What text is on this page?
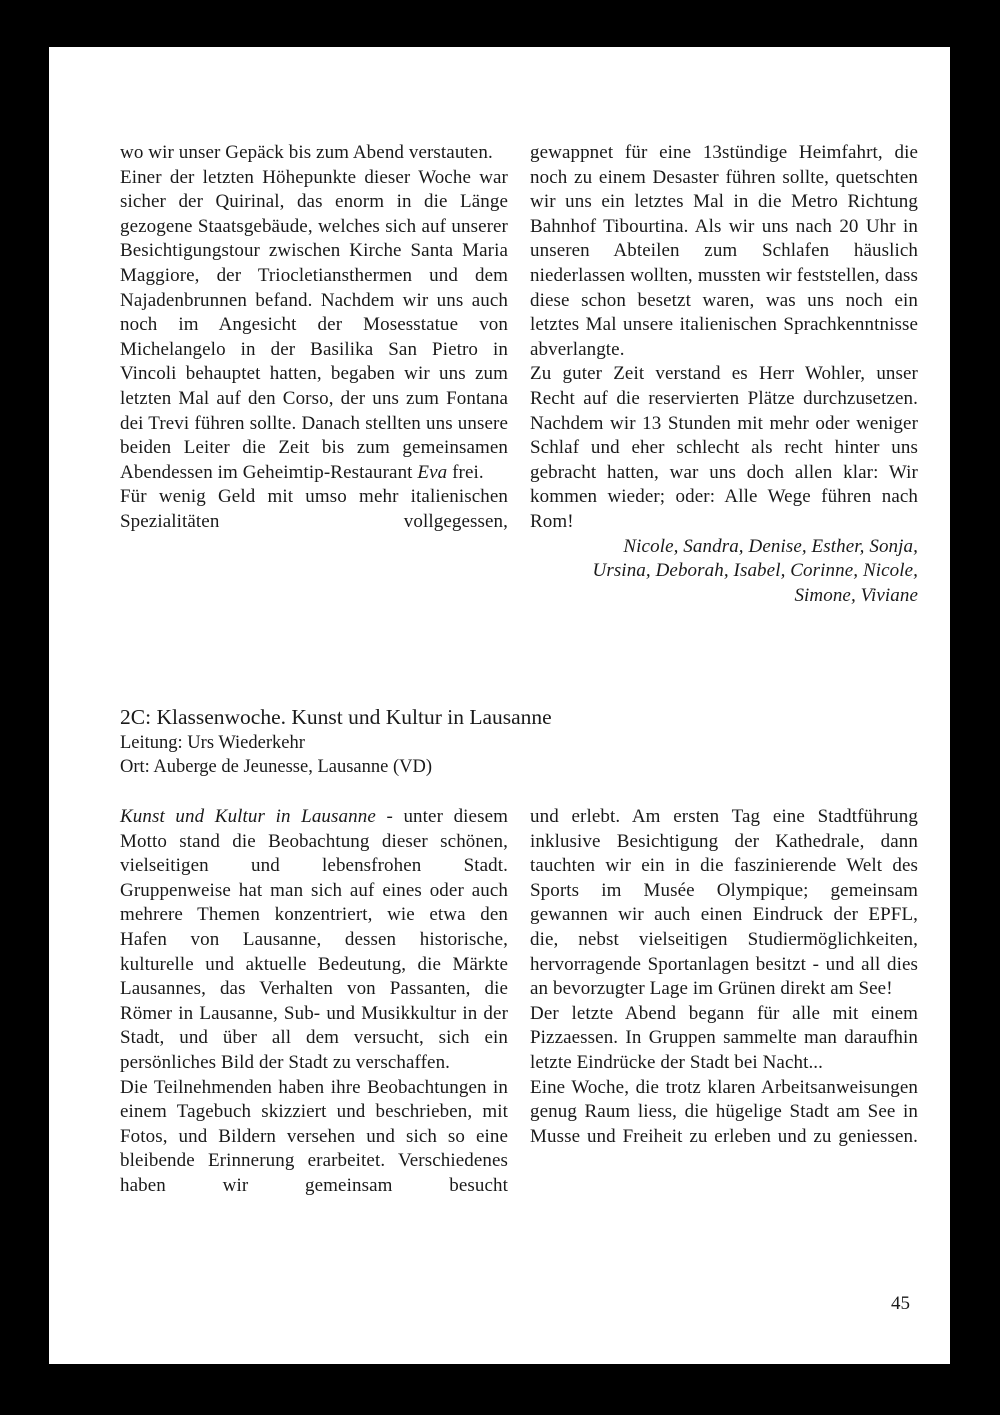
wo wir unser Gepäck bis zum Abend verstauten.

Einer der letzten Höhepunkte dieser Woche war sicher der Quirinal, das enorm in die Länge gezogene Staatsgebäude, welches sich auf unserer Besichtigungstour zwischen Kirche Santa Maria Maggiore, der Triocletiansthermen und dem Najadenbrunnen befand. Nachdem wir uns auch noch im Angesicht der Mosesstatue von Michelangelo in der Basilika San Pietro in Vincoli behauptet hatten, begaben wir uns zum letzten Mal auf den Corso, der uns zum Fontana dei Trevi führen sollte. Danach stellten uns unsere beiden Leiter die Zeit bis zum gemeinsamen Abendessen im Geheimtip-Restaurant Eva frei.

Für wenig Geld mit umso mehr italienischen Spezialitäten vollgegessen,

gewappnet für eine 13stündige Heimfahrt, die noch zu einem Desaster führen sollte, quetschten wir uns ein letztes Mal in die Metro Richtung Bahnhof Tibourtina. Als wir uns nach 20 Uhr in unseren Abteilen zum Schlafen häuslich niederlassen wollten, mussten wir feststellen, dass diese schon besetzt waren, was uns noch ein letztes Mal unsere italienischen Sprachkenntnisse abverlangte.

Zu guter Zeit verstand es Herr Wohler, unser Recht auf die reservierten Plätze durchzusetzen. Nachdem wir 13 Stunden mit mehr oder weniger Schlaf und eher schlecht als recht hinter uns gebracht hatten, war uns doch allen klar: Wir kommen wieder; oder: Alle Wege führen nach Rom!

Nicole, Sandra, Denise, Esther, Sonja,
Ursina, Deborah, Isabel, Corinne, Nicole,
Simone, Viviane

2C: Klassenwoche. Kunst und Kultur in Lausanne

Leitung: Urs Wiederkehr

Ort: Auberge de Jeunesse, Lausanne (VD)

Kunst und Kultur in Lausanne - unter diesem Motto stand die Beobachtung dieser schönen, vielseitigen und lebensfrohen Stadt. Gruppenweise hat man sich auf eines oder auch mehrere Themen konzentriert, wie etwa den Hafen von Lausanne, dessen historische, kulturelle und aktuelle Bedeutung, die Märkte Lausannes, das Verhalten von Passanten, die Römer in Lausanne, Sub- und Musikkultur in der Stadt, und über all dem versucht, sich ein persönliches Bild der Stadt zu verschaffen.

Die Teilnehmenden haben ihre Beobachtungen in einem Tagebuch skizziert und beschrieben, mit Fotos, und Bildern versehen und sich so eine bleibende Erinnerung erarbeitet. Verschiedenes haben wir gemeinsam besucht

und erlebt. Am ersten Tag eine Stadtführung inklusive Besichtigung der Kathedrale, dann tauchten wir ein in die faszinierende Welt des Sports im Musée Olympique; gemeinsam gewannen wir auch einen Eindruck der EPFL, die, nebst vielseitigen Studiermöglichkeiten, hervorragende Sportanlagen besitzt - und all dies an bevorzugter Lage im Grünen direkt am See!

Der letzte Abend begann für alle mit einem Pizzaessen. In Gruppen sammelte man daraufhin letzte Eindrücke der Stadt bei Nacht...

Eine Woche, die trotz klaren Arbeitsanweisungen genug Raum liess, die hügelige Stadt am See in Musse und Freiheit zu erleben und zu geniessen.

45
